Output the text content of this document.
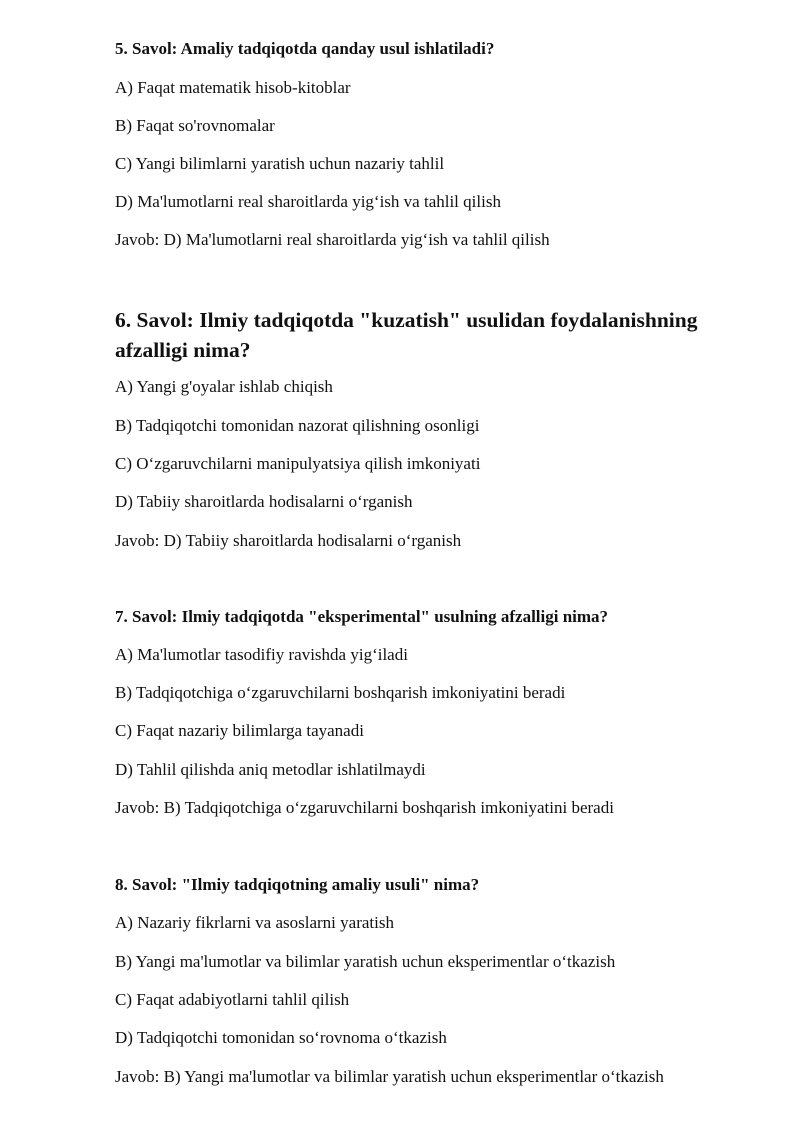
5. Savol: Amaliy tadqiqotda qanday usul ishlatiladi?

A) Faqat matematik hisob-kitoblar

B) Faqat so'rovnomalar

C) Yangi bilimlarni yaratish uchun nazariy tahlil

D) Ma'lumotlarni real sharoitlarda yig‘ish va tahlil qilish

Javob: D) Ma'lumotlarni real sharoitlarda yig‘ish va tahlil qilish

6. Savol: Ilmiy tadqiqotda "kuzatish" usulidan foydalanishning
afzalligi nima?

A) Yangi g'oyalar ishlab chiqish

B) Tadqiqotchi tomonidan nazorat qilishning osonligi

C) O‘zgaruvchilarni manipulyatsiya qilish imkoniyati

D) Tabiiy sharoitlarda hodisalarni o‘rganish

Javob: D) Tabiiy sharoitlarda hodisalarni o‘rganish

7. Savol: Ilmiy tadqiqotda "eksperimental" usulning afzalligi nima?

A) Ma'lumotlar tasodifiy ravishda yig‘iladi

B) Tadqiqotchiga o‘zgaruvchilarni boshqarish imkoniyatini beradi

C) Faqat nazariy bilimlarga tayanadi

D) Tahlil qilishda aniq metodlar ishlatilmaydi

Javob: B) Tadqiqotchiga o‘zgaruvchilarni boshqarish imkoniyatini beradi

8. Savol: "Ilmiy tadqiqotning amaliy usuli" nima?

A) Nazariy fikrlarni va asoslarni yaratish

B) Yangi ma'lumotlar va bilimlar yaratish uchun eksperimentlar o‘tkazish

C) Faqat adabiyotlarni tahlil qilish

D) Tadqiqotchi tomonidan so‘rovnoma o‘tkazish

Javob: B) Yangi ma'lumotlar va bilimlar yaratish uchun eksperimentlar o‘tkazish
